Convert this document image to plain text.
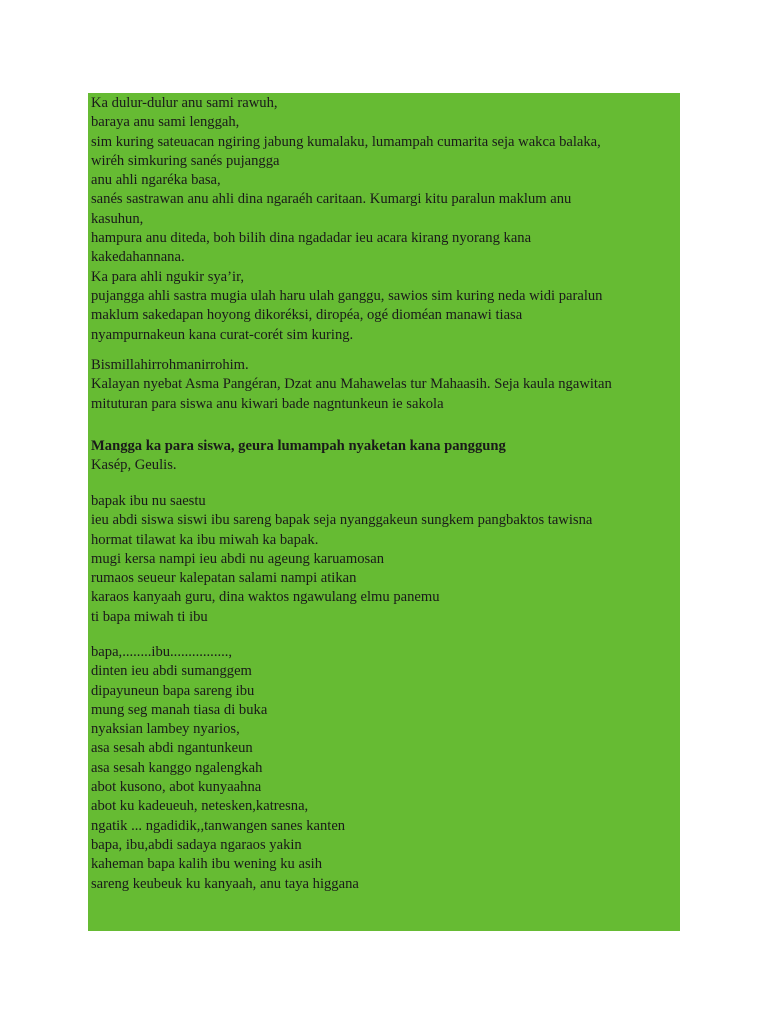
Ka dulur-dulur anu sami rawuh,
baraya anu sami lenggah,
sim kuring sateuacan ngiring jabung kumalaku, lumampah cumarita seja wakca balaka,
wiréh simkuring sanés pujangga
anu ahli ngaréka basa,
sanés sastrawan anu ahli dina ngaraéh caritaan. Kumargi kitu paralun maklum anu
kasuhun,
hampura anu diteda, boh bilih dina ngadadar ieu acara kirang nyorang kana
kakedahannana.
Ka para ahli ngukir sya’ir,
pujangga ahli sastra mugia ulah haru ulah ganggu, sawios sim kuring neda widi paralun
maklum sakedapan hoyong dikoréksi, diropéa, ogé dioméan manawi tiasa
nyampurnakeun kana curat-corét sim kuring.
Bismillahirrohmanirrohim.
Kalayan nyebat Asma Pangéran, Dzat anu Mahawelas tur Mahaasih. Seja kaula ngawitan
mituturan para siswa anu kiwari bade nagntunkeun ie sakola
Mangga ka para siswa, geura lumampah nyaketan kana panggung
Kasép, Geulis.
bapak ibu nu saestu
ieu abdi siswa siswi ibu sareng bapak seja nyanggakeun sungkem pangbaktos tawisna
hormat tilawat ka ibu miwah ka bapak.
mugi kersa nampi ieu abdi nu ageung karuamosan
rumaos seueur kalepatan salami nampi atikan
karaos kanyaah guru, dina waktos ngawulang elmu panemu
ti bapa miwah ti ibu
bapa,........ibu................,
dinten ieu abdi sumanggem
dipayuneun bapa sareng ibu
mung seg manah tiasa di buka
nyaksian lambey nyarios,
asa sesah abdi ngantunkeun
asa sesah kanggo ngalengkah
abot kusono, abot kunyaahna
abot ku kadeueuh, netesken,katresna,
ngatik ... ngadidik,,tanwangen sanes kanten
bapa, ibu,abdi sadaya ngaraos yakin
kaheman bapa kalih ibu wening ku asih
sareng keubeuk ku kanyaah, anu taya higgana
